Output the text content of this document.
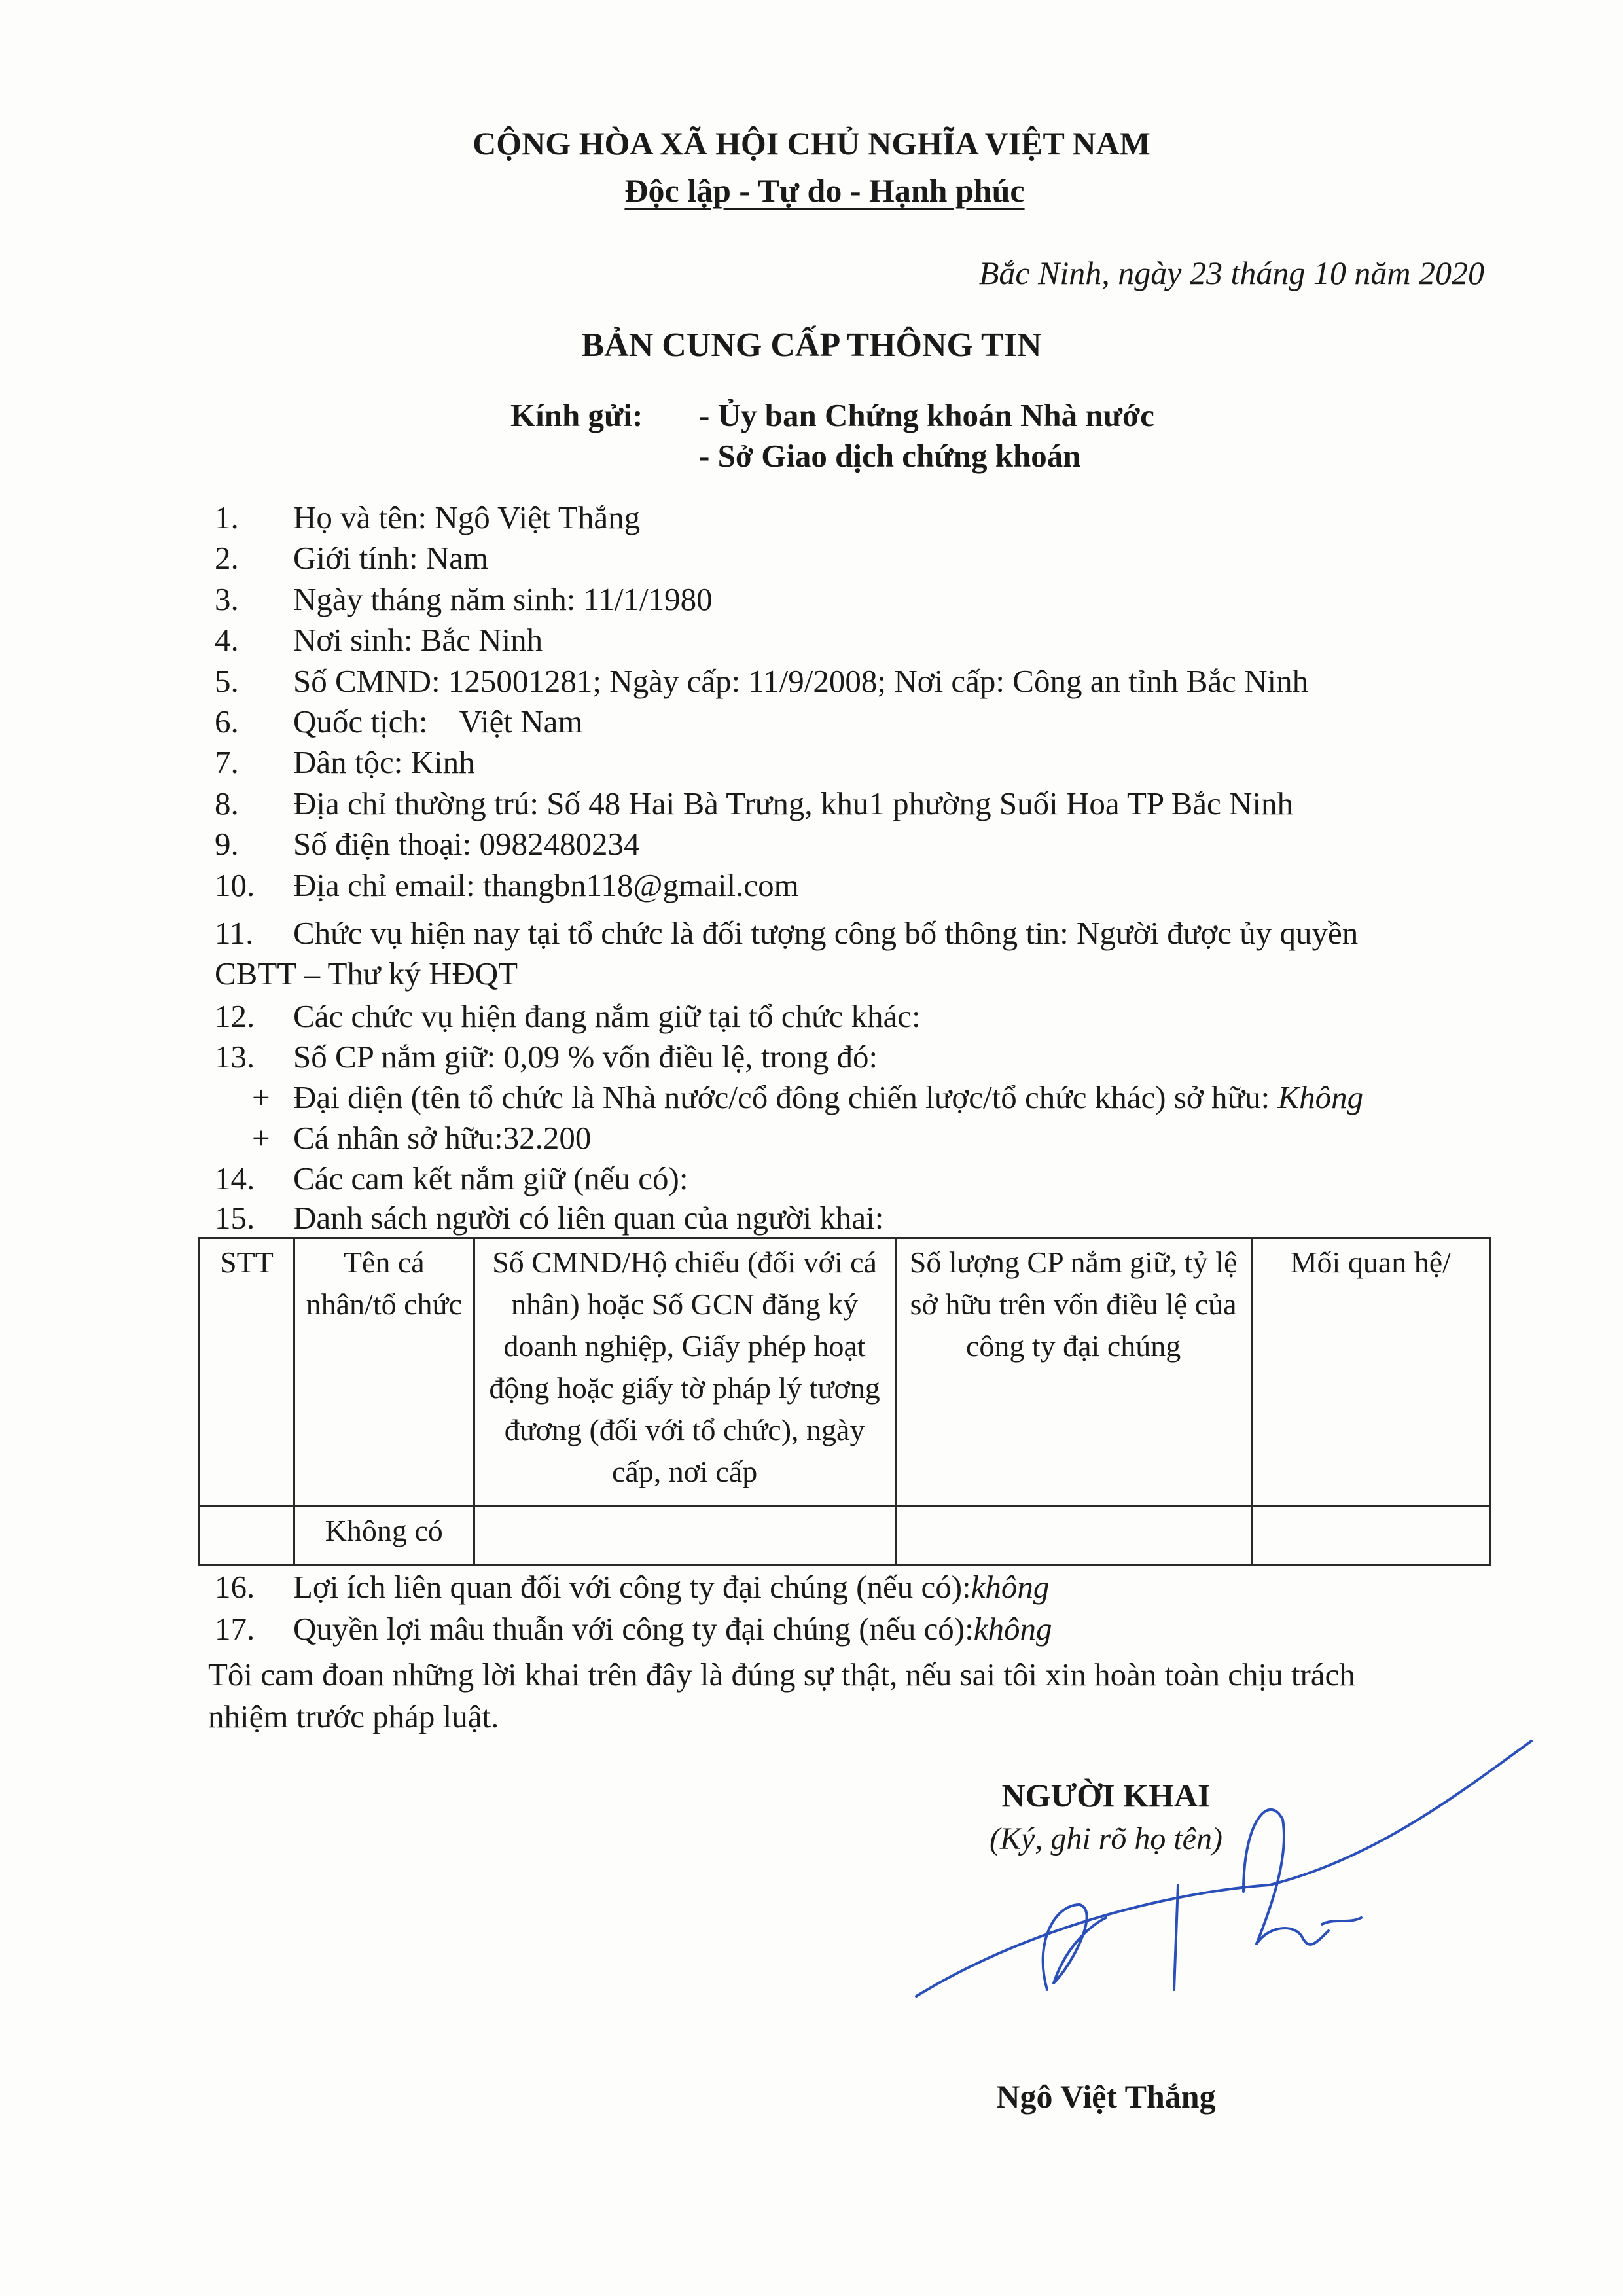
CỘNG HÒA XÃ HỘI CHỦ NGHĨA VIỆT NAM
Độc lập - Tự do - Hạnh phúc
Bắc Ninh, ngày 23 tháng 10 năm 2020
BẢN CUNG CẤP THÔNG TIN
Kính gửi: - Ủy ban Chứng khoán Nhà nước
- Sở Giao dịch chứng khoán
1. Họ và tên: Ngô Việt Thắng
2. Giới tính: Nam
3. Ngày tháng năm sinh: 11/1/1980
4. Nơi sinh: Bắc Ninh
5. Số CMND: 125001281; Ngày cấp: 11/9/2008; Nơi cấp: Công an tỉnh Bắc Ninh
6. Quốc tịch:    Việt Nam
7. Dân tộc: Kinh
8. Địa chỉ thường trú: Số 48 Hai Bà Trưng, khu1 phường Suối Hoa TP Bắc Ninh
9. Số điện thoại: 0982480234
10. Địa chỉ email: thangbn118@gmail.com
11. Chức vụ hiện nay tại tổ chức là đối tượng công bố thông tin: Người được ủy quyền
CBTT – Thư ký HĐQT
12. Các chức vụ hiện đang nắm giữ tại tổ chức khác:
13. Số CP nắm giữ: 0,09 % vốn điều lệ, trong đó:
+ Đại diện (tên tổ chức là Nhà nước/cổ đông chiến lược/tổ chức khác) sở hữu: Không
+ Cá nhân sở hữu:32.200
14. Các cam kết nắm giữ (nếu có):
15. Danh sách người có liên quan của người khai:
STT	Tên cá nhân/tổ chức	Số CMND/Hộ chiếu (đối với cá nhân) hoặc Số GCN đăng ký doanh nghiệp, Giấy phép hoạt động hoặc giấy tờ pháp lý tương đương (đối với tổ chức), ngày cấp, nơi cấp	Số lượng CP nắm giữ, tỷ lệ sở hữu trên vốn điều lệ của công ty đại chúng	Mối quan hệ/
	Không có			
16. Lợi ích liên quan đối với công ty đại chúng (nếu có):không
17. Quyền lợi mâu thuẫn với công ty đại chúng (nếu có):không
Tôi cam đoan những lời khai trên đây là đúng sự thật, nếu sai tôi xin hoàn toàn chịu trách
nhiệm trước pháp luật.
NGƯỜI KHAI
(Ký, ghi rõ họ tên)
Ngô Việt Thắng
